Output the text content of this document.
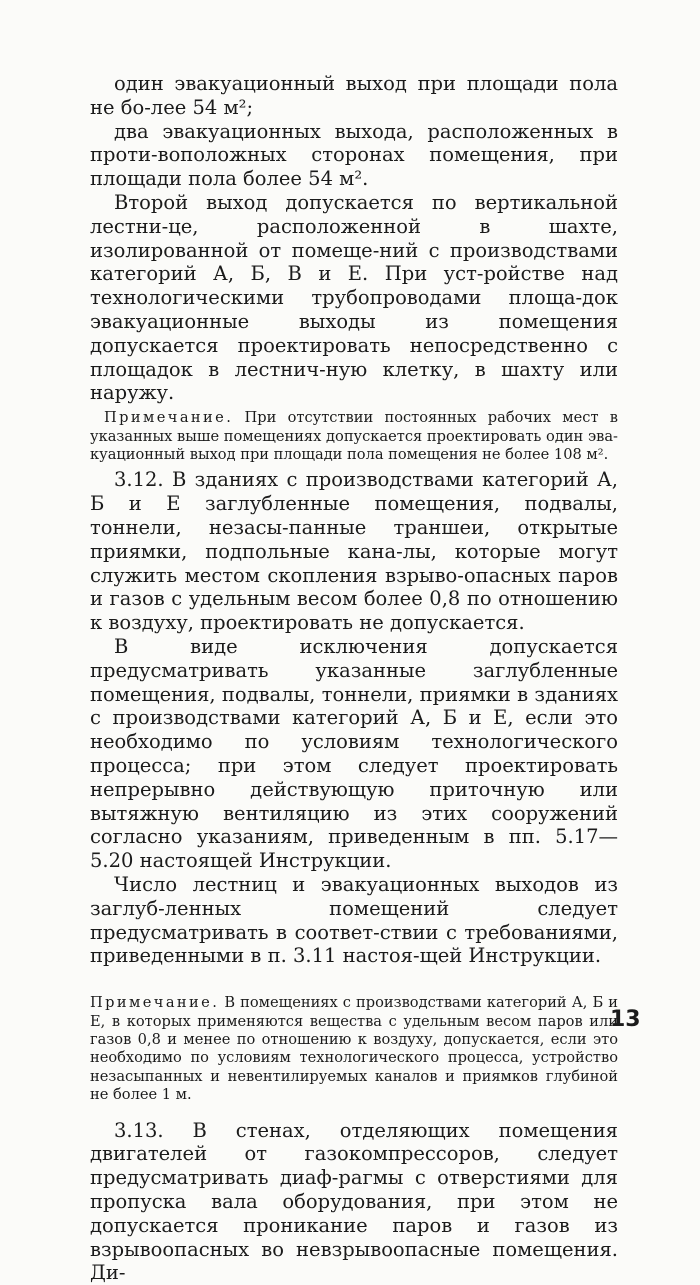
один эвакуационный выход при площади пола не бо-лее 54 м²;

два эвакуационных выхода, расположенных в проти-воположных сторонах помещения, при площади пола более 54 м².

Второй выход допускается по вертикальной лестни-це, расположенной в шахте, изолированной от помеще-ний с производствами категорий А, Б, В и Е. При уст-ройстве над технологическими трубопроводами площа-док эвакуационные выходы из помещения допускается проектировать непосредственно с площадок в лестнич-ную клетку, в шахту или наружу.

Примечание. При отсутствии постоянных рабочих мест в указанных выше помещениях допускается проектировать один эва-куационный выход при площади пола помещения не более 108 м².

3.12. В зданиях с производствами категорий А, Б и Е заглубленные помещения, подвалы, тоннели, незасы-панные траншеи, открытые приямки, подпольные кана-лы, которые могут служить местом скопления взрыво-опасных паров и газов с удельным весом более 0,8 по отношению к воздуху, проектировать не допускается.

В виде исключения допускается предусматривать указанные заглубленные помещения, подвалы, тоннели, приямки в зданиях с производствами категорий А, Б и Е, если это необходимо по условиям технологического процесса; при этом следует проектировать непрерывно действующую приточную или вытяжную вентиляцию из этих сооружений согласно указаниям, приведенным в пп. 5.17—5.20 настоящей Инструкции.

Число лестниц и эвакуационных выходов из заглуб-ленных помещений следует предусматривать в соответ-ствии с требованиями, приведенными в п. 3.11 настоя-щей Инструкции.

Примечание. В помещениях с производствами категорий А, Б и Е, в которых применяются вещества с удельным весом паров или газов 0,8 и менее по отношению к воздуху, допускается, если это необходимо по условиям технологического процесса, устройство незасыпанных и невентилируемых каналов и приямков глубиной не более 1 м.

3.13. В стенах, отделяющих помещения двигателей от газокомпрессоров, следует предусматривать диаф-рагмы с отверстиями для пропуска вала оборудования, при этом не допускается проникание паров и газов из взрывоопасных во невзрывоопасные помещения. Ди-

13
